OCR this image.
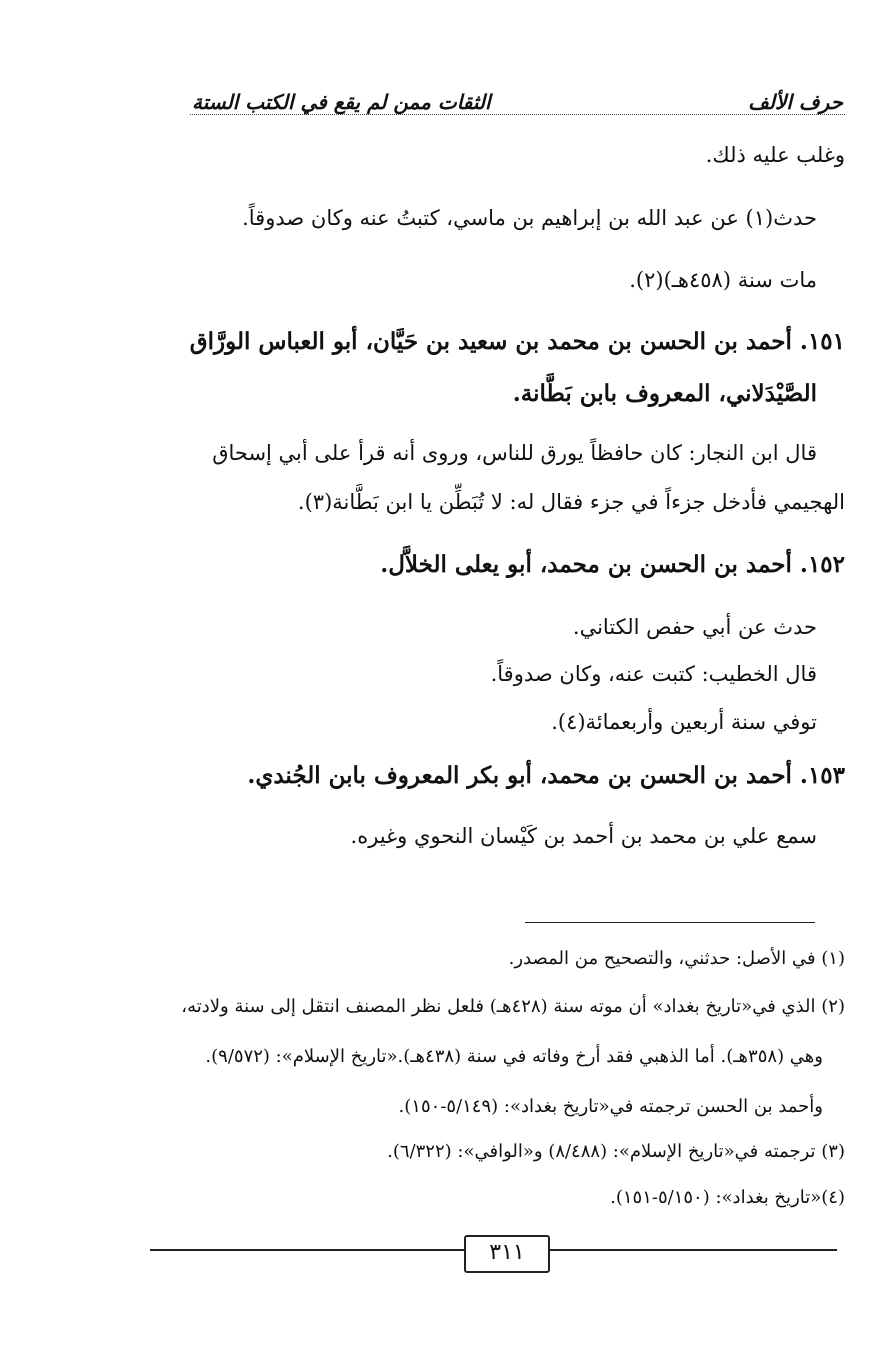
حرف الألف
الثقات ممن لم يقع في الكتب الستة
وغلب عليه ذلك.
حدث(١) عن عبد الله بن إبراهيم بن ماسي، كتبتُ عنه وكان صدوقاً.
مات سنة (٤٥٨هـ)(٢).
١٥١. أحمد بن الحسن بن محمد بن سعيد بن حَيَّان، أبو العباس الورَّاق
الصَّيْدَلاني، المعروف بابن بَطَّانة.
قال ابن النجار: كان حافظاً يورق للناس، وروى أنه قرأ على أبي إسحاق
الهجيمي فأدخل جزءاً في جزء فقال له: لا تُبَطِّن يا ابن بَطَّانة(٣).
١٥٢. أحمد بن الحسن بن محمد، أبو يعلى الخلاَّل.
حدث عن أبي حفص الكتاني.
قال الخطيب: كتبت عنه، وكان صدوقاً.
توفي سنة أربعين وأربعمائة(٤).
١٥٣. أحمد بن الحسن بن محمد، أبو بكر المعروف بابن الجُندي.
سمع علي بن محمد بن أحمد بن كَيْسان النحوي وغيره.
(١) في الأصل: حدثني، والتصحيح من المصدر.
(٢) الذي في«تاريخ بغداد» أن موته سنة (٤٢٨هـ) فلعل نظر المصنف انتقل إلى سنة ولادته،
وهي (٣٥٨هـ). أما الذهبي فقد أرخ وفاته في سنة (٤٣٨هـ).«تاريخ الإسلام»: (٩/٥٧٢).
وأحمد بن الحسن ترجمته في«تاريخ بغداد»: (٥/١٤٩-١٥٠).
(٣) ترجمته في«تاريخ الإسلام»: (٨/٤٨٨) و«الوافي»: (٦/٣٢٢).
(٤)«تاريخ بغداد»: (٥/١٥٠-١٥١).
٣١١
